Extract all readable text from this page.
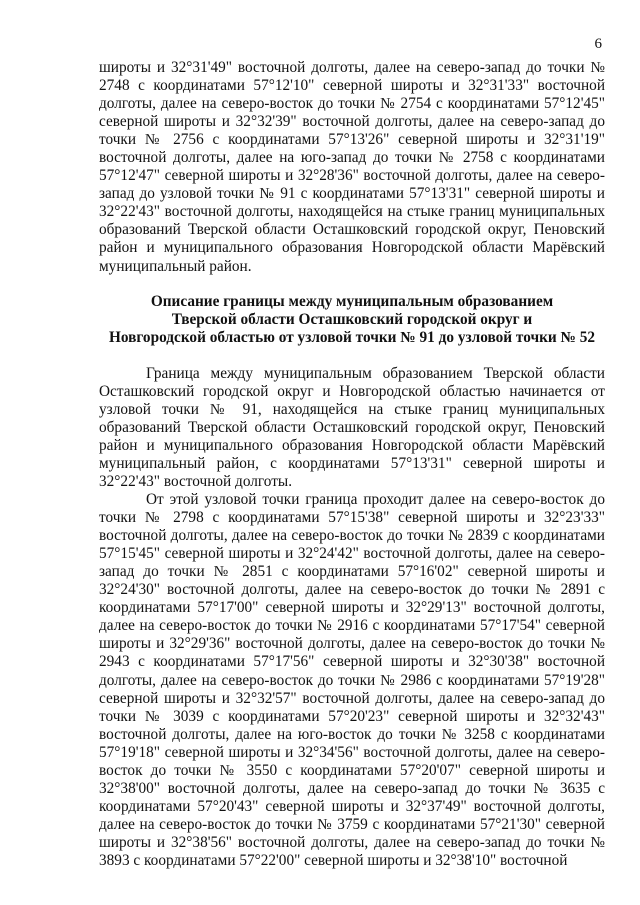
6

широты и 32°31'49" восточной долготы, далее на северо-запад до точки № 2748 с координатами 57°12'10" северной широты и 32°31'33" восточной долготы, далее на северо-восток до точки № 2754 с координатами 57°12'45" северной широты и 32°32'39" восточной долготы, далее на северо-запад до точки № 2756 с координатами 57°13'26" северной широты и 32°31'19" восточной долготы, далее на юго-запад до точки № 2758 с координатами 57°12'47" северной широты и 32°28'36" восточной долготы, далее на северо-запад до узловой точки № 91 с координатами 57°13'31" северной широты и 32°22'43" восточной долготы, находящейся на стыке границ муниципальных образований Тверской области Осташковский городской округ, Пеновский район и муниципального образования Новгородской области Марёвский муниципальный район.

Описание границы между муниципальным образованием
Тверской области Осташковский городской округ и
Новгородской областью от узловой точки № 91 до узловой точки № 52

Граница между муниципальным образованием Тверской области Осташковский городской округ и Новгородской областью начинается от узловой точки № 91, находящейся на стыке границ муниципальных образований Тверской области Осташковский городской округ, Пеновский район и муниципального образования Новгородской области Марёвский муниципальный район, с координатами 57°13'31" северной широты и 32°22'43" восточной долготы.

От этой узловой точки граница проходит далее на северо-восток до точки № 2798 с координатами 57°15'38" северной широты и 32°23'33" восточной долготы, далее на северо-восток до точки № 2839 с координатами 57°15'45" северной широты и 32°24'42" восточной долготы, далее на северо-запад до точки № 2851 с координатами 57°16'02" северной широты и 32°24'30" восточной долготы, далее на северо-восток до точки № 2891 с координатами 57°17'00" северной широты и 32°29'13" восточной долготы, далее на северо-восток до точки № 2916 с координатами 57°17'54" северной широты и 32°29'36" восточной долготы, далее на северо-восток до точки № 2943 с координатами 57°17'56" северной широты и 32°30'38" восточной долготы, далее на северо-восток до точки № 2986 с координатами 57°19'28" северной широты и 32°32'57" восточной долготы, далее на северо-запад до точки № 3039 с координатами 57°20'23" северной широты и 32°32'43" восточной долготы, далее на юго-восток до точки № 3258 с координатами 57°19'18" северной широты и 32°34'56" восточной долготы, далее на северо-восток до точки № 3550 с координатами 57°20'07" северной широты и 32°38'00" восточной долготы, далее на северо-запад до точки № 3635 с координатами 57°20'43" северной широты и 32°37'49" восточной долготы, далее на северо-восток до точки № 3759 с координатами 57°21'30" северной широты и 32°38'56" восточной долготы, далее на северо-запад до точки № 3893 с координатами 57°22'00" северной широты и 32°38'10" восточной
